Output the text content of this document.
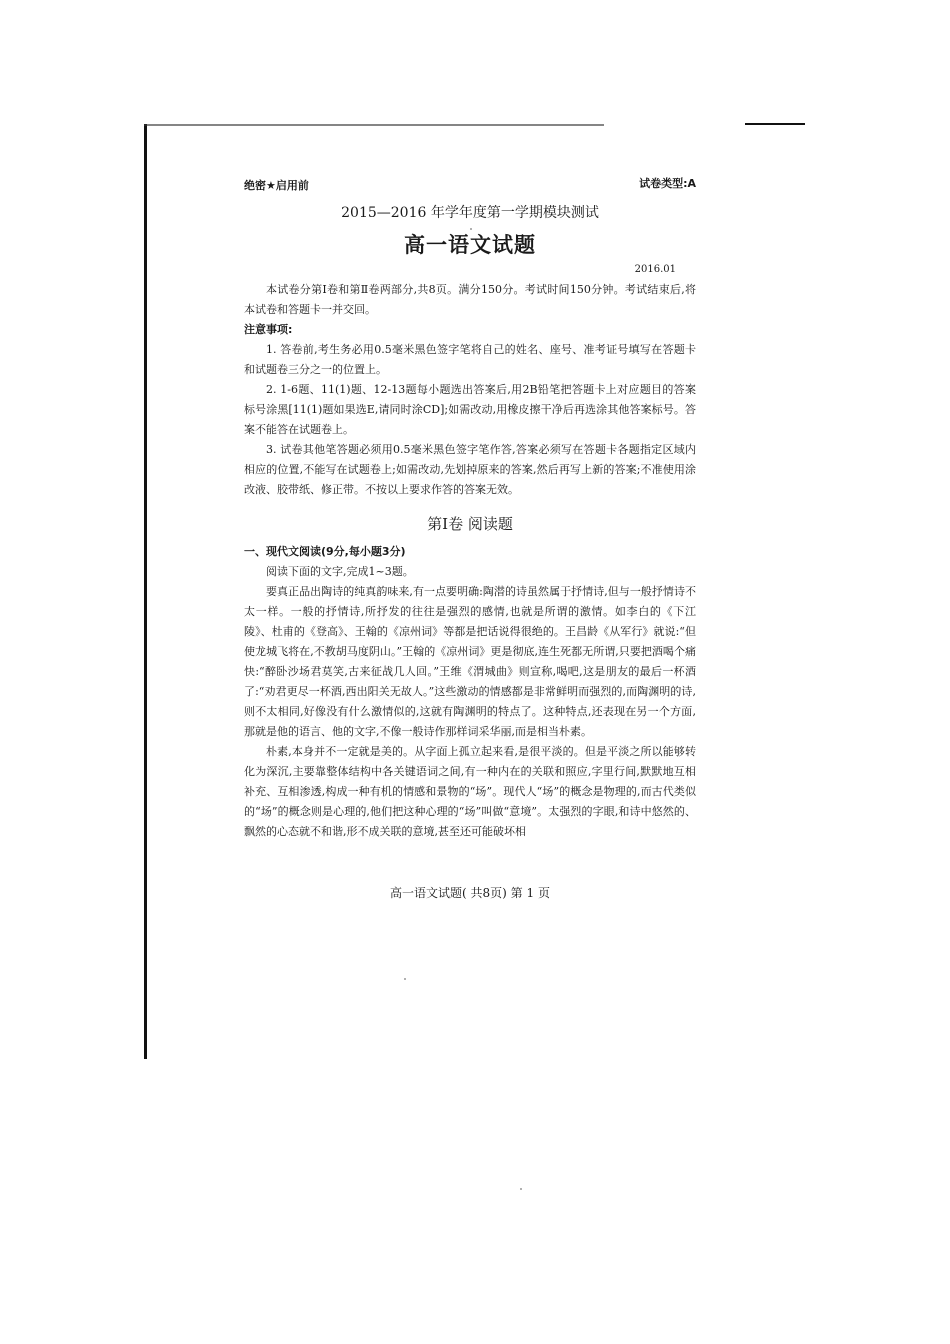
绝密★启用前	试卷类型:A
2015—2016 年学年度第一学期模块测试
高一语文试题
2016.01

本试卷分第Ⅰ卷和第Ⅱ卷两部分,共8页。满分150分。考试时间150分钟。考试结束后,将本试卷和答题卡一并交回。

注意事项:

1. 答卷前,考生务必用0.5毫米黑色签字笔将自己的姓名、座号、准考证号填写在答题卡和试题卷三分之一的位置上。

2. 1-6题、11(1)题、12-13题每小题选出答案后,用2B铅笔把答题卡上对应题目的答案标号涂黑[11(1)题如果选E,请同时涂CD];如需改动,用橡皮擦干净后再选涂其他答案标号。答案不能答在试题卷上。

3. 试卷其他笔答题必须用0.5毫米黑色签字笔作答,答案必须写在答题卡各题指定区域内相应的位置,不能写在试题卷上;如需改动,先划掉原来的答案,然后再写上新的答案;不准使用涂改液、胶带纸、修正带。不按以上要求作答的答案无效。

第Ⅰ卷 阅读题

一、现代文阅读(9分,每小题3分)

阅读下面的文字,完成1~3题。

要真正品出陶诗的纯真韵味来,有一点要明确:陶潜的诗虽然属于抒情诗,但与一般抒情诗不太一样。一般的抒情诗,所抒发的往往是强烈的感情,也就是所谓的激情。如李白的《下江陵》、杜甫的《登高》、王翰的《凉州词》等都是把话说得很绝的。王昌龄《从军行》就说:“但使龙城飞将在,不教胡马度阴山。”王翰的《凉州词》更是彻底,连生死都无所谓,只要把酒喝个痛快:“醉卧沙场君莫笑,古来征战几人回。”王维《渭城曲》则宣称,喝吧,这是朋友的最后一杯酒了:“劝君更尽一杯酒,西出阳关无故人。”这些激动的情感都是非常鲜明而强烈的,而陶渊明的诗,则不太相同,好像没有什么激情似的,这就有陶渊明的特点了。这种特点,还表现在另一个方面,那就是他的语言、他的文字,不像一般诗作那样词采华丽,而是相当朴素。

朴素,本身并不一定就是美的。从字面上孤立起来看,是很平淡的。但是平淡之所以能够转化为深沉,主要靠整体结构中各关键语词之间,有一种内在的关联和照应,字里行间,默默地互相补充、互相渗透,构成一种有机的情感和景物的“场”。现代人“场”的概念是物理的,而古代类似的“场”的概念则是心理的,他们把这种心理的“场”叫做“意境”。太强烈的字眼,和诗中悠然的、飘然的心态就不和谐,形不成关联的意境,甚至还可能破坏相

高一语文试题( 共8页) 第 1 页
